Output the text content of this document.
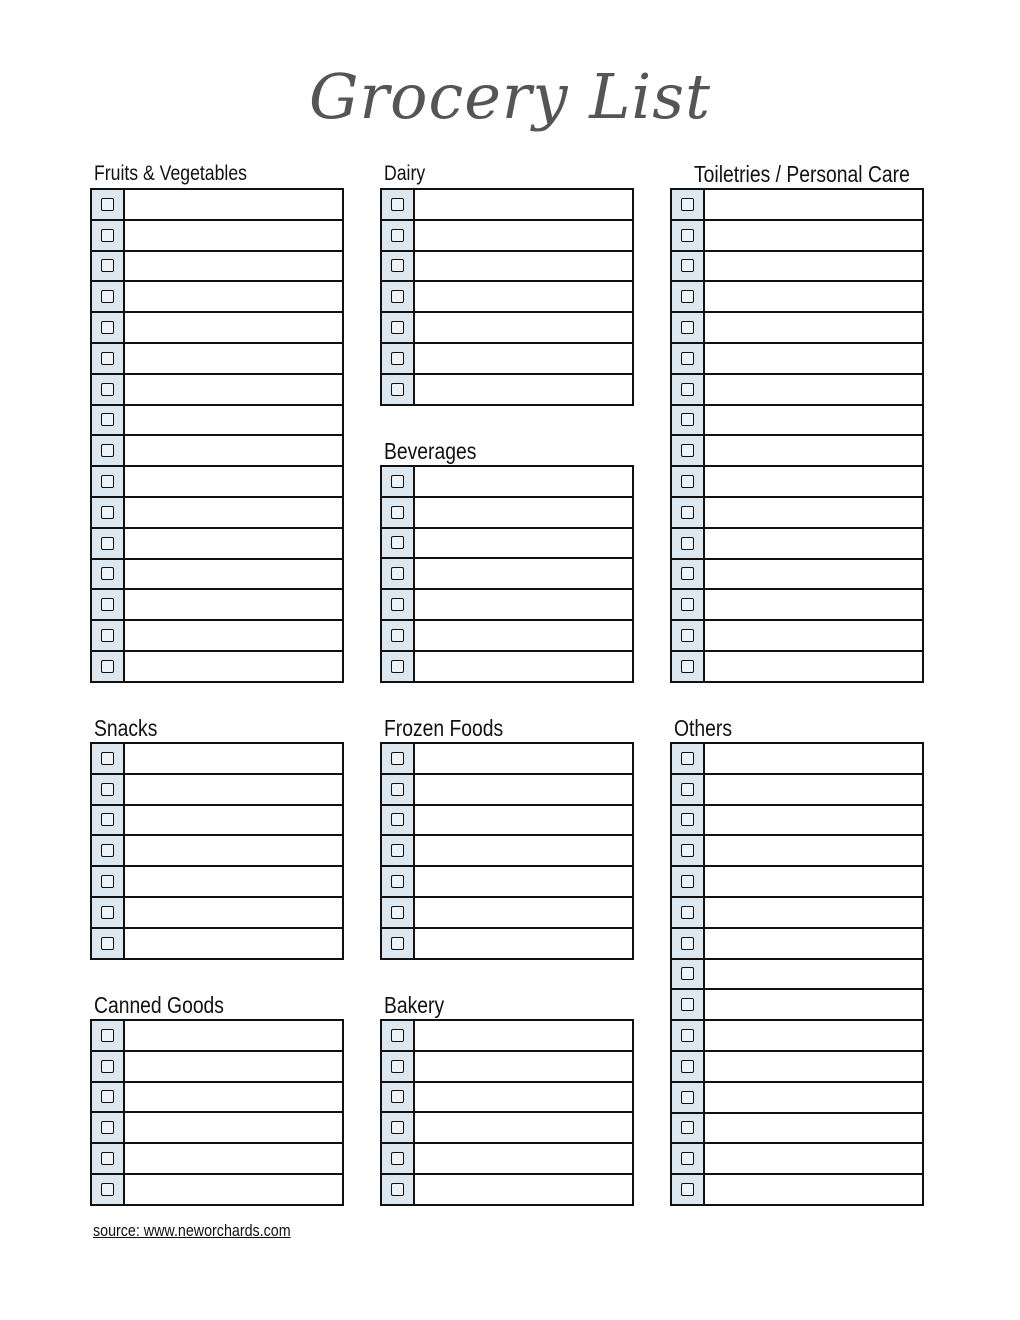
Grocery List
Fruits & Vegetables	Dairy	Toiletries / Personal Care
Beverages
Snacks	Frozen Foods	Others
Canned Goods	Bakery
source: www.neworchards.com
